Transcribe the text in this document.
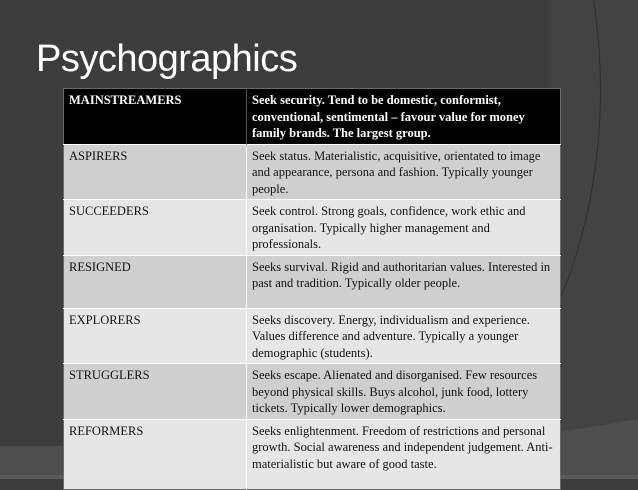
Psychographics
MAINSTREAMERS	Seek security. Tend to be domestic, conformist, conventional, sentimental – favour value for money family brands. The largest group.
ASPIRERS	Seek status. Materialistic, acquisitive, orientated to image and appearance, persona and fashion. Typically younger people.
SUCCEEDERS	Seek control. Strong goals, confidence, work ethic and organisation. Typically higher management and professionals.
RESIGNED	Seeks survival. Rigid and authoritarian values. Interested in past and tradition. Typically older people.
EXPLORERS	Seeks discovery. Energy, individualism and experience. Values difference and adventure. Typically a younger demographic (students).
STRUGGLERS	Seeks escape. Alienated and disorganised. Few resources beyond physical skills. Buys alcohol, junk food, lottery tickets. Typically lower demographics.
REFORMERS	Seeks enlightenment. Freedom of restrictions and personal growth. Social awareness and independent judgement. Anti-materialistic but aware of good taste.
